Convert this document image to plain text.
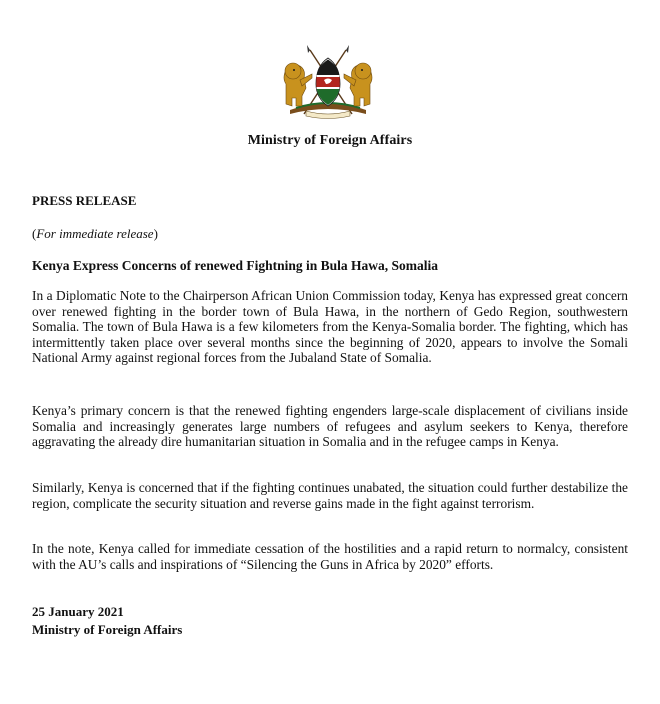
Ministry of Foreign Affairs
PRESS RELEASE
(For immediate release)
Kenya Express Concerns of renewed Fightning in Bula Hawa, Somalia

In a Diplomatic Note to the Chairperson African Union Commission today, Kenya has expressed great concern over renewed fighting in the border town of Bula Hawa, in the northern of Gedo Region, southwestern Somalia. The town of Bula Hawa is a few kilometers from the Kenya-Somalia border. The fighting, which has intermittently taken place over several months since the beginning of 2020, appears to involve the Somali National Army against regional forces from the Jubaland State of Somalia.

Kenya’s primary concern is that the renewed fighting engenders large-scale displacement of civilians inside Somalia and increasingly generates large numbers of refugees and asylum seekers to Kenya, therefore aggravating the already dire humanitarian situation in Somalia and in the refugee camps in Kenya.

Similarly, Kenya is concerned that if the fighting continues unabated, the situation could further destabilize the region, complicate the security situation and reverse gains made in the fight against terrorism.

In the note, Kenya called for immediate cessation of the hostilities and a rapid return to normalcy, consistent with the AU’s calls and inspirations of “Silencing the Guns in Africa by 2020” efforts.

25 January 2021
Ministry of Foreign Affairs
